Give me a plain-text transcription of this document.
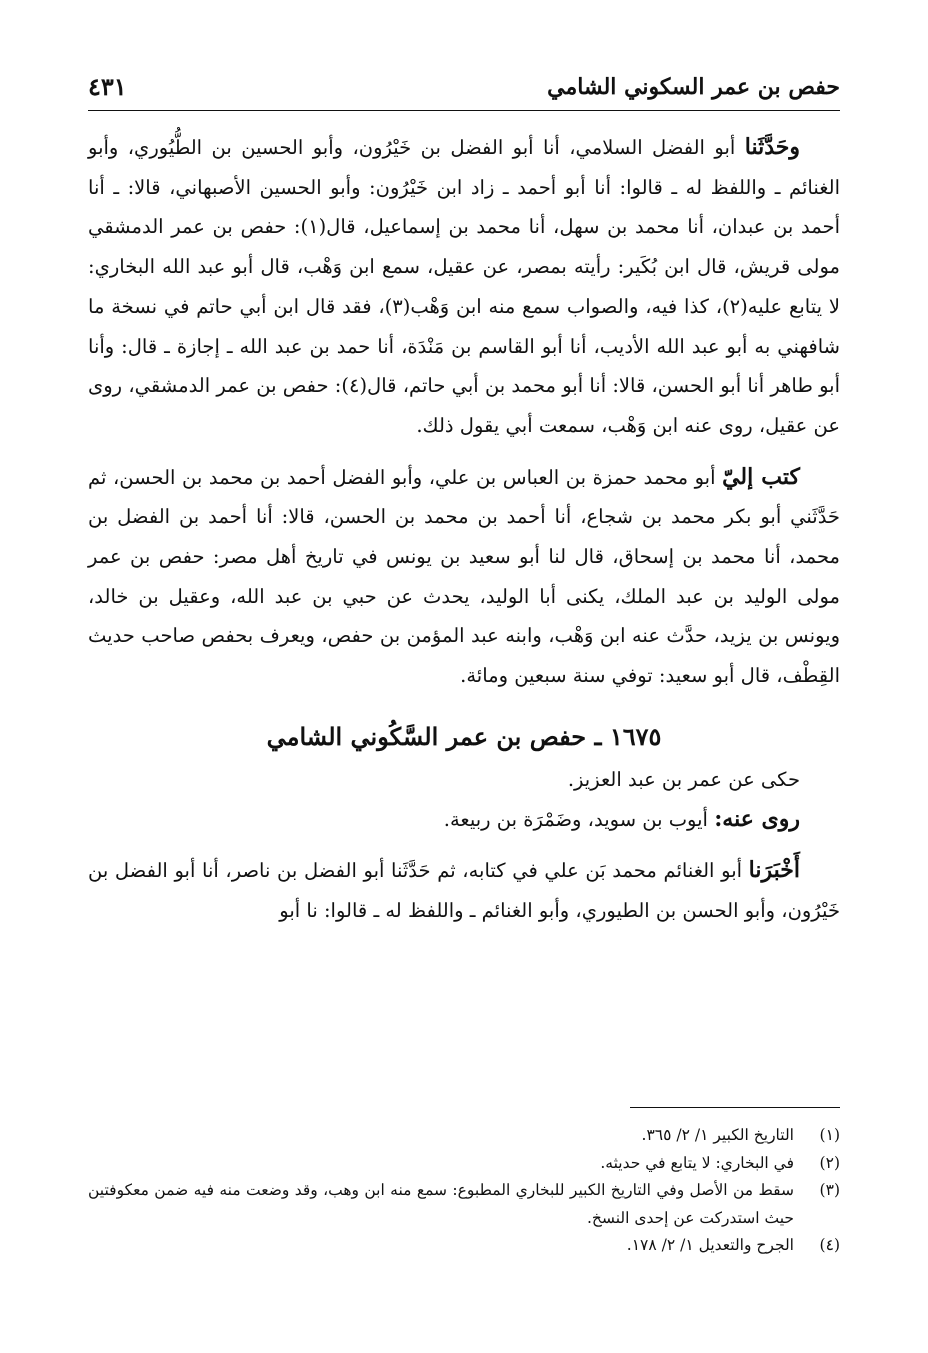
حفص بن عمر السكوني الشامي
٤٣١

وحَدَّثَنا أبو الفضل السلامي، أنا أبو الفضل بن خَيْرُون، وأبو الحسين بن الطُّيُوري، وأبو الغنائم ـ واللفظ له ـ قالوا: أنا أبو أحمد ـ زاد ابن خَيْرُون: وأبو الحسين الأصبهاني، قالا: ـ أنا أحمد بن عبدان، أنا محمد بن سهل، أنا محمد بن إسماعيل، قال(١): حفص بن عمر الدمشقي مولى قريش، قال ابن بُكَير: رأيته بمصر، عن عقيل، سمع ابن وَهْب، قال أبو عبد الله البخاري: لا يتابع عليه(٢)، كذا فيه، والصواب سمع منه ابن وَهْب(٣)، فقد قال ابن أبي حاتم في نسخة ما شافهني به أبو عبد الله الأديب، أنا أبو القاسم بن مَنْدَة، أنا حمد بن عبد الله ـ إجازة ـ قال: وأنا أبو طاهر أنا أبو الحسن، قالا: أنا أبو محمد بن أبي حاتم، قال(٤): حفص بن عمر الدمشقي، روى عن عقيل، روى عنه ابن وَهْب، سمعت أبي يقول ذلك.

كتب إليّ أبو محمد حمزة بن العباس بن علي، وأبو الفضل أحمد بن محمد بن الحسن، ثم حَدَّثَني أبو بكر محمد بن شجاع، أنا أحمد بن محمد بن الحسن، قالا: أنا أحمد بن الفضل بن محمد، أنا محمد بن إسحاق، قال لنا أبو سعيد بن يونس في تاريخ أهل مصر: حفص بن عمر مولى الوليد بن عبد الملك، يكنى أبا الوليد، يحدث عن حبي بن عبد الله، وعقيل بن خالد، ويونس بن يزيد، حدَّث عنه ابن وَهْب، وابنه عبد المؤمن بن حفص، ويعرف بحفص صاحب حديث القِطْف، قال أبو سعيد: توفي سنة سبعين ومائة.

١٦٧٥ ـ حفص بن عمر السَّكُوني الشامي

حكى عن عمر بن عبد العزيز.

روى عنه: أيوب بن سويد، وضَمْرَة بن ربيعة.

أَخْبَرَنا أبو الغنائم محمد بَن علي في كتابه، ثم حَدَّثَنا أبو الفضل بن ناصر، أنا أبو الفضل بن خَيْرُون، وأبو الحسن بن الطيوري، وأبو الغنائم ـ واللفظ له ـ قالوا: نا أبو

(١)
التاريخ الكبير ١/ ٢/ ٣٦٥.
(٢)
في البخاري: لا يتابع في حديثه.
(٣)
سقط من الأصل وفي التاريخ الكبير للبخاري المطبوع: سمع منه ابن وهب، وقد وضعت منه فيه ضمن معكوفتين حيث استدركت عن إحدى النسخ.
(٤)
الجرح والتعديل ١/ ٢/ ١٧٨.
